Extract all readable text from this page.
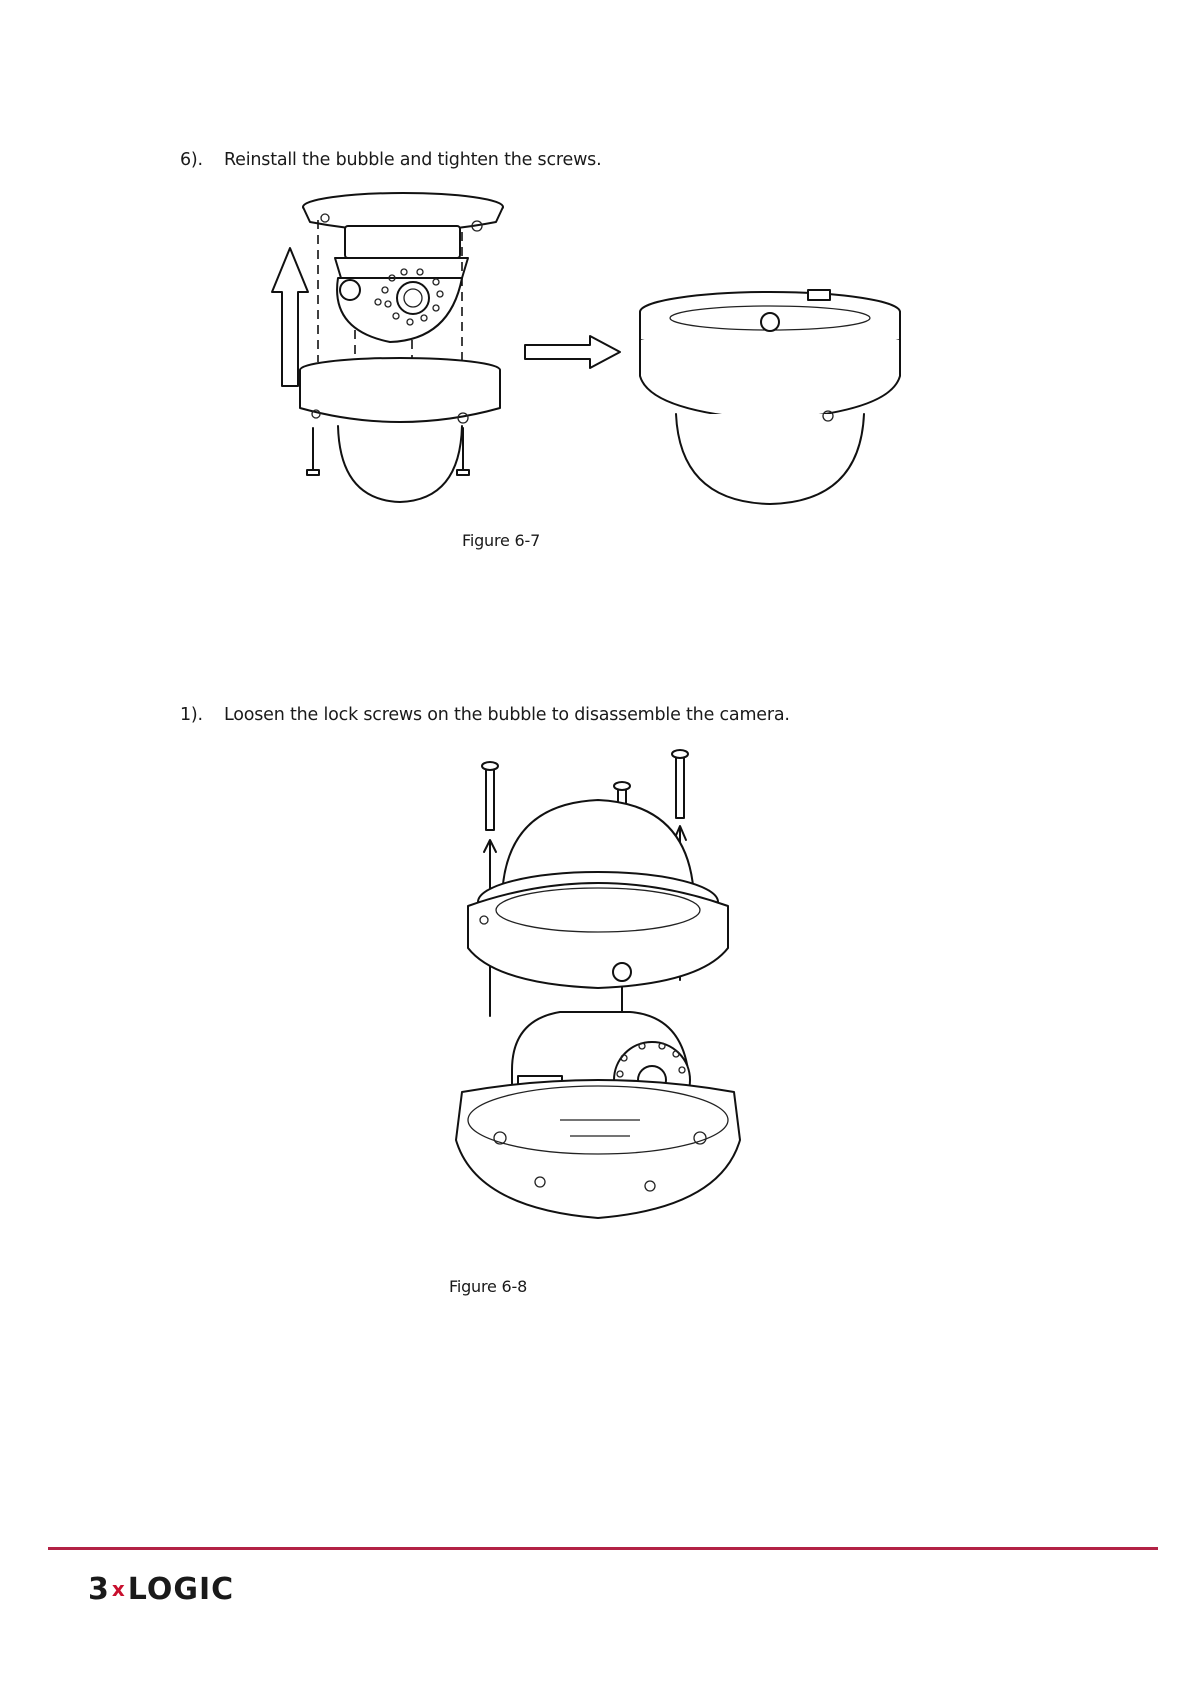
6). Reinstall the bubble and tighten the screws.
Figure 6-7
1). Loosen the lock screws on the bubble to disassemble the camera.
Figure 6-8
3 xLOGIC
